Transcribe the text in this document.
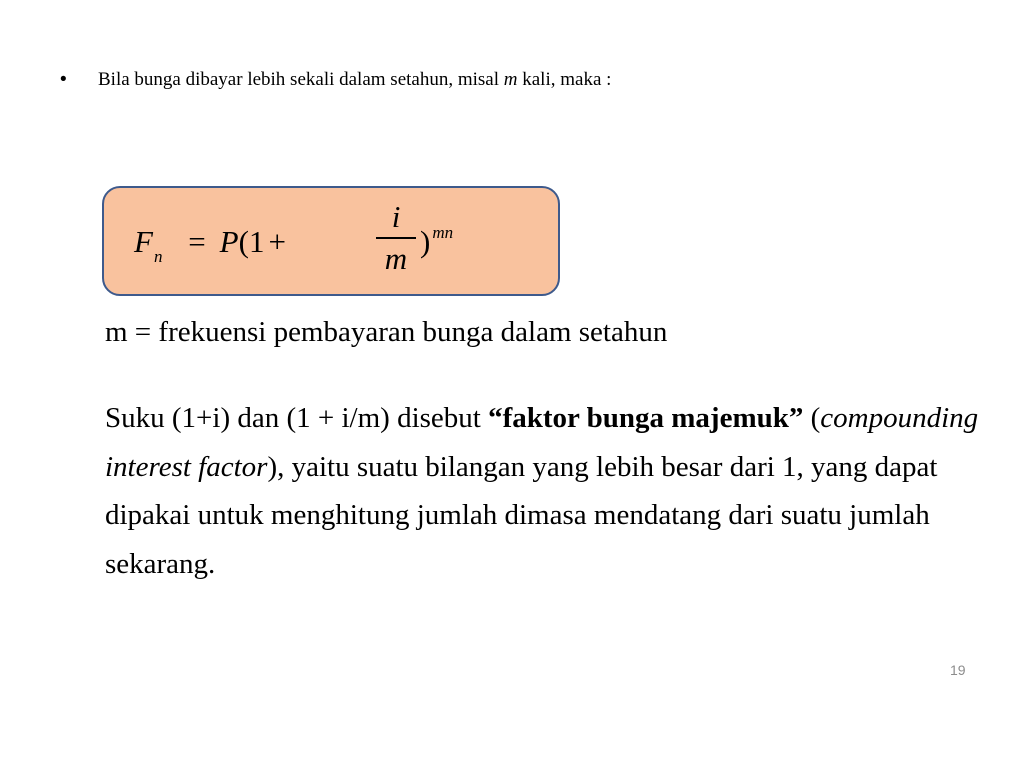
• Bila bunga dibayar lebih sekali dalam setahun, misal m kali, maka :
$F_n = P(1$ +
i
m ) $^{mn}$
m = frekuensi pembayaran bunga dalam setahun
Suku (1+i) dan (1 + i/m) disebut “faktor bunga majemuk” (compounding interest factor), yaitu suatu bilangan yang lebih besar dari 1, yang dapat dipakai untuk menghitung jumlah dimasa mendatang dari suatu jumlah sekarang.
19
